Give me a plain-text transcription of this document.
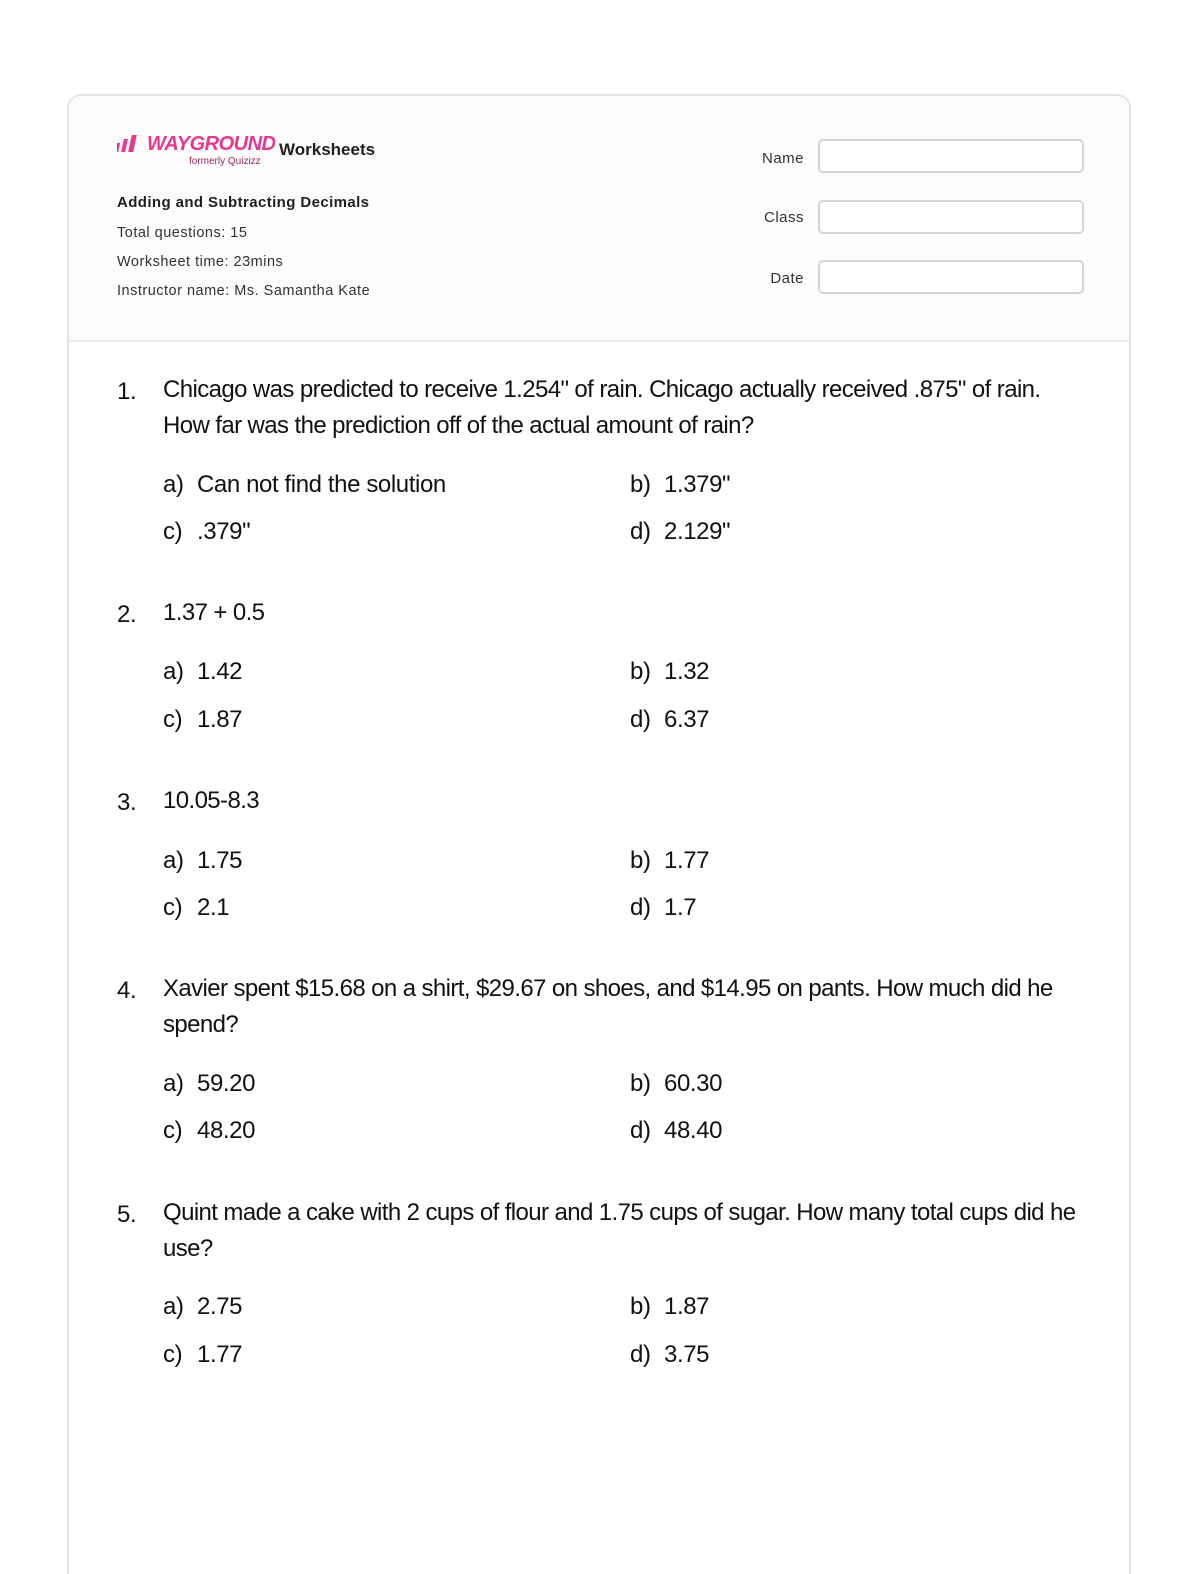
WAYGROUND
formerly Quizizz
Worksheets
Adding and Subtracting Decimals
Total questions: 15
Worksheet time: 23mins
Instructor name: Ms. Samantha Kate
Name
Class
Date
1. Chicago was predicted to receive 1.254" of rain. Chicago actually received .875" of rain. How far was the prediction off of the actual amount of rain?
a) Can not find the solution	b) 1.379"
c) .379"	d) 2.129"
2. 1.37 + 0.5
a) 1.42	b) 1.32
c) 1.87	d) 6.37
3. 10.05-8.3
a) 1.75	b) 1.77
c) 2.1	d) 1.7
4. Xavier spent $15.68 on a shirt, $29.67 on shoes, and $14.95 on pants. How much did he spend?
a) 59.20	b) 60.30
c) 48.20	d) 48.40
5. Quint made a cake with 2 cups of flour and 1.75 cups of sugar. How many total cups did he use?
a) 2.75	b) 1.87
c) 1.77	d) 3.75
